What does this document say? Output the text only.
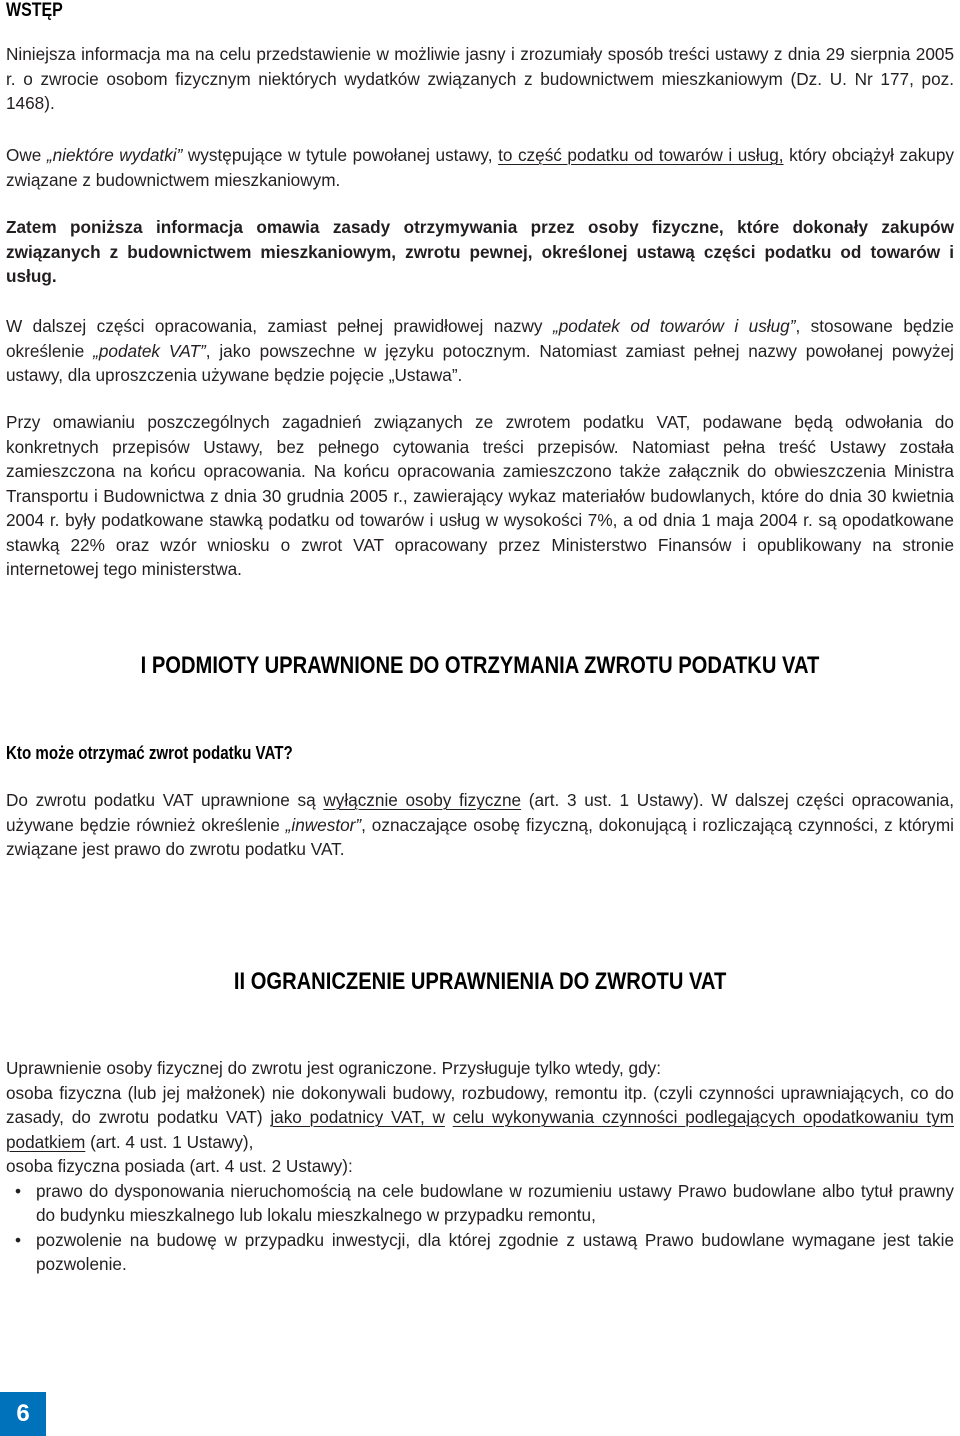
WSTĘP

Niniejsza informacja ma na celu przedstawienie w możliwie jasny i zrozumiały sposób treści ustawy z dnia 29 sierpnia 2005 r. o zwrocie osobom fizycznym niektórych wydatków związanych z budownictwem mieszkaniowym (Dz. U. Nr 177, poz. 1468).

Owe „niektóre wydatki” występujące w tytule powołanej ustawy, to część podatku od towarów i usług, który obciążył zakupy związane z budownictwem mieszkaniowym.

Zatem poniższa informacja omawia zasady otrzymywania przez osoby fizyczne, które dokonały zakupów związanych z budownictwem mieszkaniowym, zwrotu pewnej, określonej ustawą części podatku od towarów i usług.

W dalszej części opracowania, zamiast pełnej prawidłowej nazwy „podatek od towarów i usług”, stosowane będzie określenie „podatek VAT”, jako powszechne w języku potocznym. Natomiast zamiast pełnej nazwy powołanej powyżej ustawy, dla uproszczenia używane będzie pojęcie „Ustawa”.

Przy omawianiu poszczególnych zagadnień związanych ze zwrotem podatku VAT, podawane będą odwołania do konkretnych przepisów Ustawy, bez pełnego cytowania treści przepisów. Natomiast pełna treść Ustawy została zamieszczona na końcu opracowania. Na końcu opracowania zamieszczono także załącznik do obwieszczenia Ministra Transportu i Budownictwa z dnia 30 grudnia 2005 r., zawierający wykaz materiałów budowlanych, które do dnia 30 kwietnia 2004 r. były podatkowane stawką podatku od towarów i usług w wysokości 7%, a od dnia 1 maja 2004 r. są opodatkowane stawką 22% oraz wzór wniosku o zwrot VAT opracowany przez Ministerstwo Finansów i opublikowany na stronie internetowej tego ministerstwa.

I PODMIOTY UPRAWNIONE DO OTRZYMANIA ZWROTU PODATKU VAT
Kto może otrzymać zwrot podatku VAT?

Do zwrotu podatku VAT uprawnione są wyłącznie osoby fizyczne (art. 3 ust. 1 Ustawy). W dalszej części opracowania, używane będzie również określenie „inwestor”, oznaczające osobę fizyczną, dokonującą i rozliczającą czynności, z którymi związane jest prawo do zwrotu podatku VAT.

II OGRANICZENIE UPRAWNIENIA DO ZWROTU VAT
Uprawnienie osoby fizycznej do zwrotu jest ograniczone. Przysługuje tylko wtedy, gdy:
osoba fizyczna (lub jej małżonek) nie dokonywali budowy, rozbudowy, remontu itp. (czyli czynności uprawniających, co do zasady, do zwrotu podatku VAT) jako podatnicy VAT, w celu wykonywania czynności podlegających opodatkowaniu tym podatkiem (art. 4 ust. 1 Ustawy),
osoba fizyczna posiada (art. 4 ust. 2 Ustawy):
• prawo do dysponowania nieruchomością na cele budowlane w rozumieniu ustawy Prawo budowlane albo tytuł prawny do budynku mieszkalnego lub lokalu mieszkalnego w przypadku remontu,
• pozwolenie na budowę w przypadku inwestycji, dla której zgodnie z ustawą Prawo budowlane wymagane jest takie pozwolenie.
6
